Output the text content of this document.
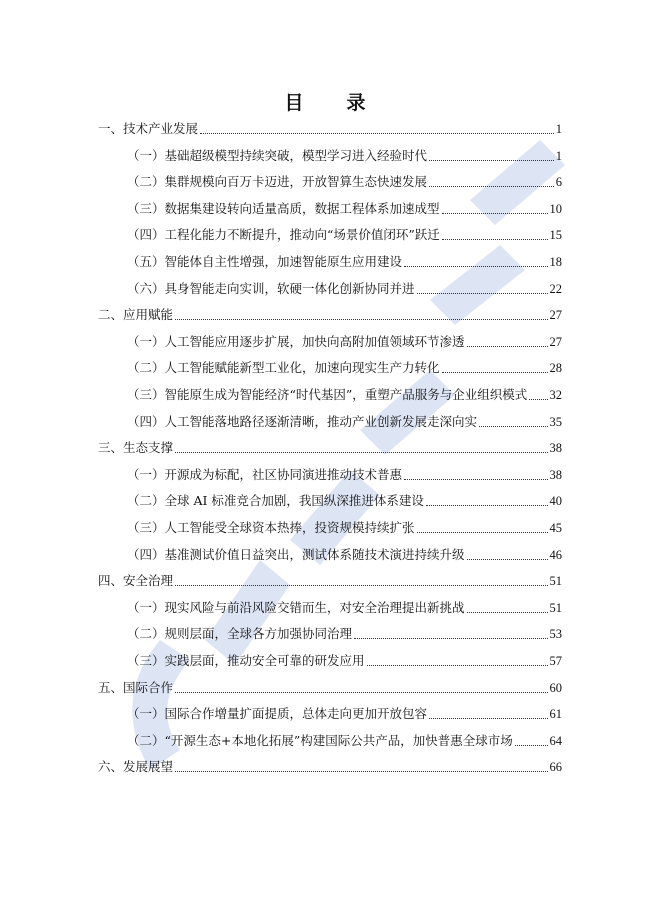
目　录
一、技术产业发展	1
（一）基础超级模型持续突破，模型学习进入经验时代	1
（二）集群规模向百万卡迈进，开放智算生态快速发展	6
（三）数据集建设转向适量高质，数据工程体系加速成型	10
（四）工程化能力不断提升，推动向“场景价值闭环”跃迁	15
（五）智能体自主性增强，加速智能原生应用建设	18
（六）具身智能走向实训，软硬一体化创新协同并进	22
二、应用赋能	27
（一）人工智能应用逐步扩展，加快向高附加值领域环节渗透	27
（二）人工智能赋能新型工业化，加速向现实生产力转化	28
（三）智能原生成为智能经济“时代基因”，重塑产品服务与企业组织模式 32
（四）人工智能落地路径逐渐清晰，推动产业创新发展走深向实	35
三、生态支撑	38
（一）开源成为标配，社区协同演进推动技术普惠	38
（二）全球 AI 标准竞合加剧，我国纵深推进体系建设	40
（三）人工智能受全球资本热捧，投资规模持续扩张	45
（四）基准测试价值日益突出，测试体系随技术演进持续升级	46
四、安全治理	51
（一）现实风险与前沿风险交错而生，对安全治理提出新挑战	51
（二）规则层面，全球各方加强协同治理	53
（三）实践层面，推动安全可靠的研发应用	57
五、国际合作	60
（一）国际合作增量扩面提质，总体走向更加开放包容	61
（二）“开源生态+本地化拓展”构建国际公共产品，加快普惠全球市场	64
六、发展展望	66
